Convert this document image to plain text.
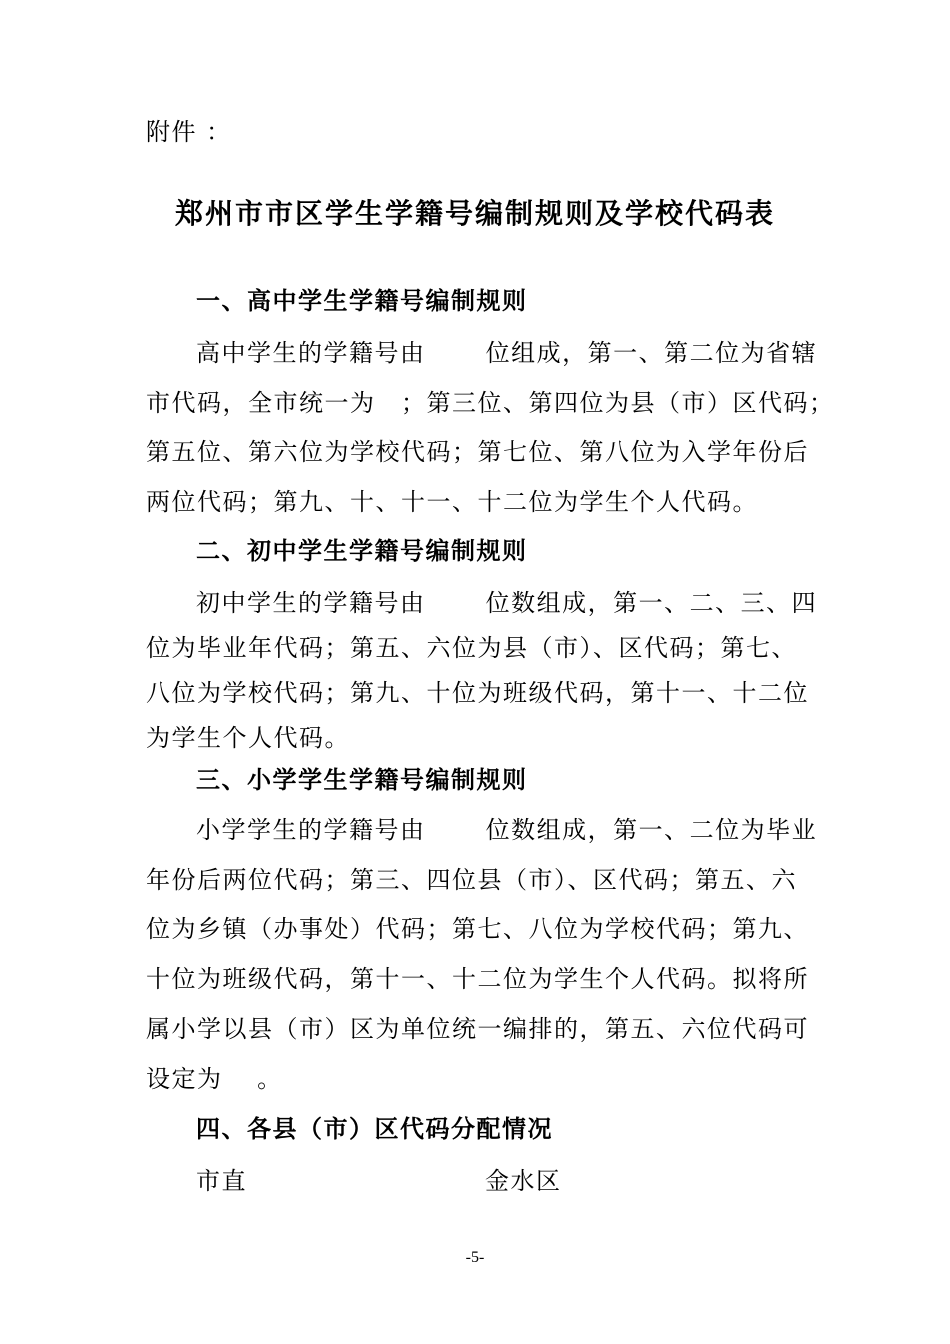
附件 ：
郑州市市区学生学籍号编制规则及学校代码表
一、高中学生学籍号编制规则
高中学生的学籍号由　　 位组成，第一、第二位为省辖
市代码，全市统一为　；第三位、第四位为县（市）区代码；
第五位、第六位为学校代码；第七位、第八位为入学年份后
两位代码；第九、十、十一、十二位为学生个人代码。
二、初中学生学籍号编制规则
初中学生的学籍号由　　 位数组成，第一、二、三、四
位为毕业年代码；第五、六位为县（市）、区代码；第七、
八位为学校代码；第九、十位为班级代码，第十一、十二位
为学生个人代码。
三、小学学生学籍号编制规则
小学学生的学籍号由　　 位数组成，第一、二位为毕业
年份后两位代码；第三、四位县（市）、区代码；第五、六
位为乡镇（办事处）代码；第七、八位为学校代码；第九、
十位为班级代码，第十一、十二位为学生个人代码。拟将所
属小学以县（市）区为单位统一编排的，第五、六位代码可
设定为　 。
四、各县（市）区代码分配情况
市直	金水区
-5-
